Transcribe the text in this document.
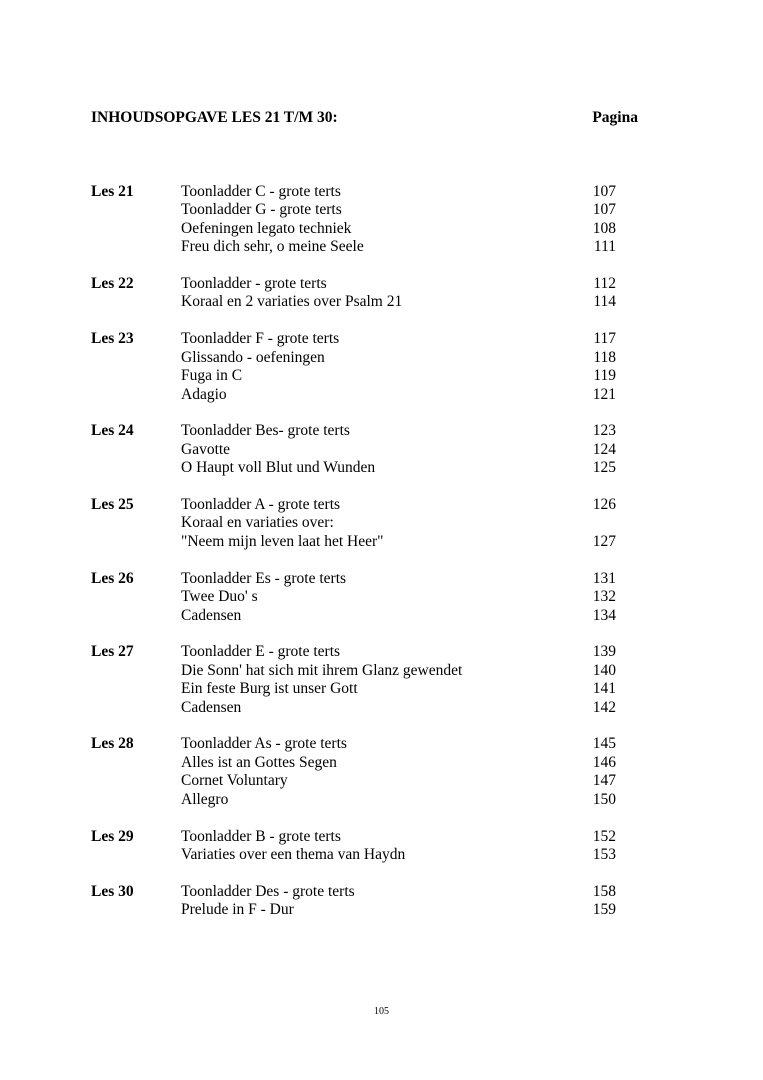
INHOUDSOPGAVE LES 21 T/M 30:	Pagina
Les 21	Toonladder C - grote terts	107
Toonladder G - grote terts	107
Oefeningen legato techniek	108
Freu dich sehr, o meine Seele	111
Les 22	Toonladder - grote terts	112
Koraal en 2 variaties over Psalm 21	114
Les 23	Toonladder F - grote terts	117
Glissando - oefeningen	118
Fuga in C	119
Adagio	121
Les 24	Toonladder Bes- grote terts	123
Gavotte	124
O Haupt voll Blut und Wunden	125
Les 25	Toonladder A - grote terts	126
Koraal en variaties over:
"Neem mijn leven laat het Heer"	127
Les 26	Toonladder Es - grote terts	131
Twee Duo' s	132
Cadensen	134
Les 27	Toonladder E - grote terts	139
Die Sonn' hat sich mit ihrem Glanz gewendet	140
Ein feste Burg ist unser Gott	141
Cadensen	142
Les 28	Toonladder As - grote terts	145
Alles ist an Gottes Segen	146
Cornet Voluntary	147
Allegro	150
Les 29	Toonladder B - grote terts	152
Variaties over een thema van Haydn	153
Les 30	Toonladder Des - grote terts	158
Prelude in F - Dur	159
105
